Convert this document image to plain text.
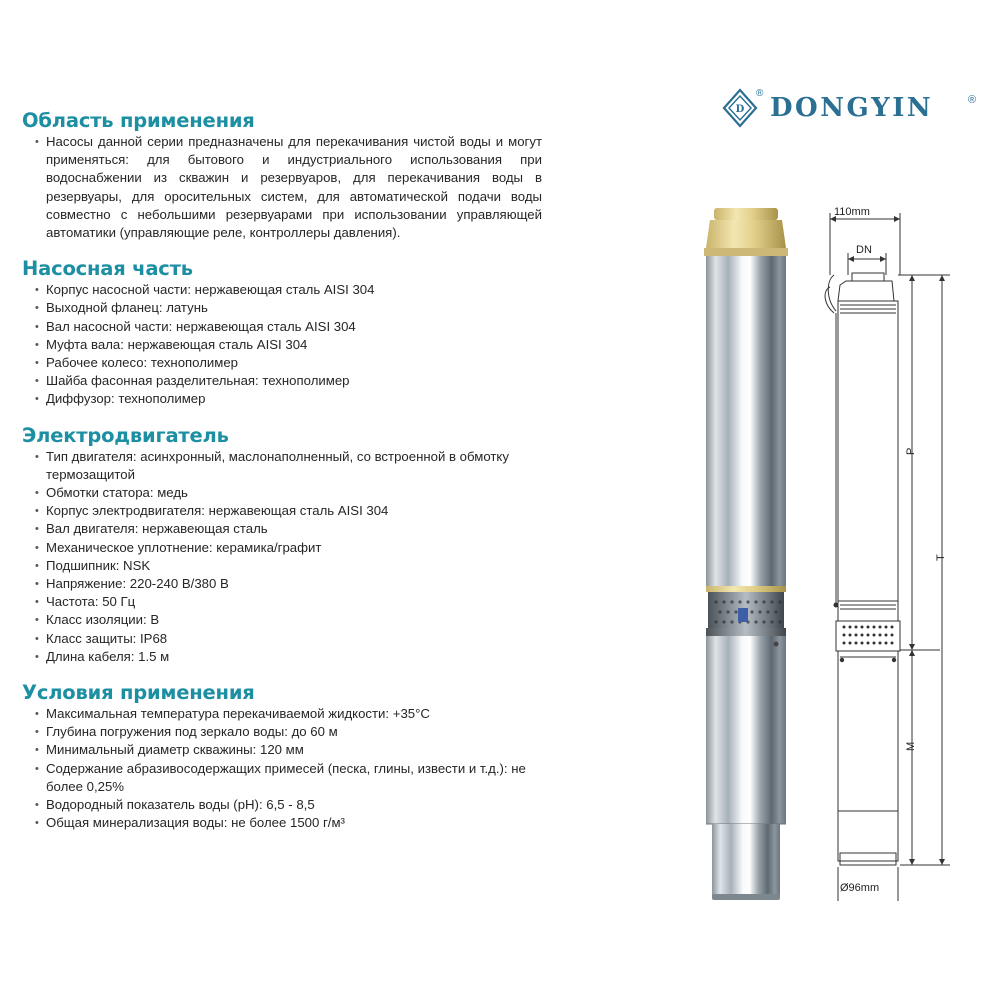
Область применения

• Насосы данной серии предназначены для перекачивания чистой воды и могут применяться: для бытового и индустриального использования при водоснабжении из скважин и резервуаров, для перекачивания воды в резервуары, для оросительных систем, для автоматической подачи воды совместно с небольшими резервуарами при использовании управляющей автоматики (управляющие реле, контроллеры давления).

Насосная часть
• Корпус насосной части: нержавеющая сталь AISI 304
• Выходной фланец: латунь
• Вал насосной части: нержавеющая сталь AISI 304
• Муфта вала: нержавеющая сталь AISI 304
• Рабочее колесо: технополимер
• Шайба фасонная разделительная: технополимер
• Диффузор: технополимер
Электродвигатель
• Тип двигателя: асинхронный, маслонаполненный, со встроенной в обмотку термозащитой
• Обмотки статора: медь
• Корпус электродвигателя: нержавеющая сталь AISI 304
• Вал двигателя: нержавеющая сталь
• Механическое уплотнение: керамика/графит
• Подшипник: NSK
• Напряжение: 220-240 В/380 В
• Частота: 50 Гц
• Класс изоляции: В
• Класс защиты: IP68
• Длина кабеля: 1.5 м
Условия применения
• Максимальная температура перекачиваемой жидкости: +35°С
• Глубина погружения под зеркало воды: до 60 м
• Минимальный диаметр скважины: 120 мм
• Содержание абразивосодержащих примесей (песка, глины, извести и т.д.): не более 0,25%
• Водородный показатель воды (pH): 6,5 - 8,5
• Общая минерализация воды: не более 1500 г/м³
D
® DONGYIN	®
110mm
DN
P
T
M
Ø96mm
